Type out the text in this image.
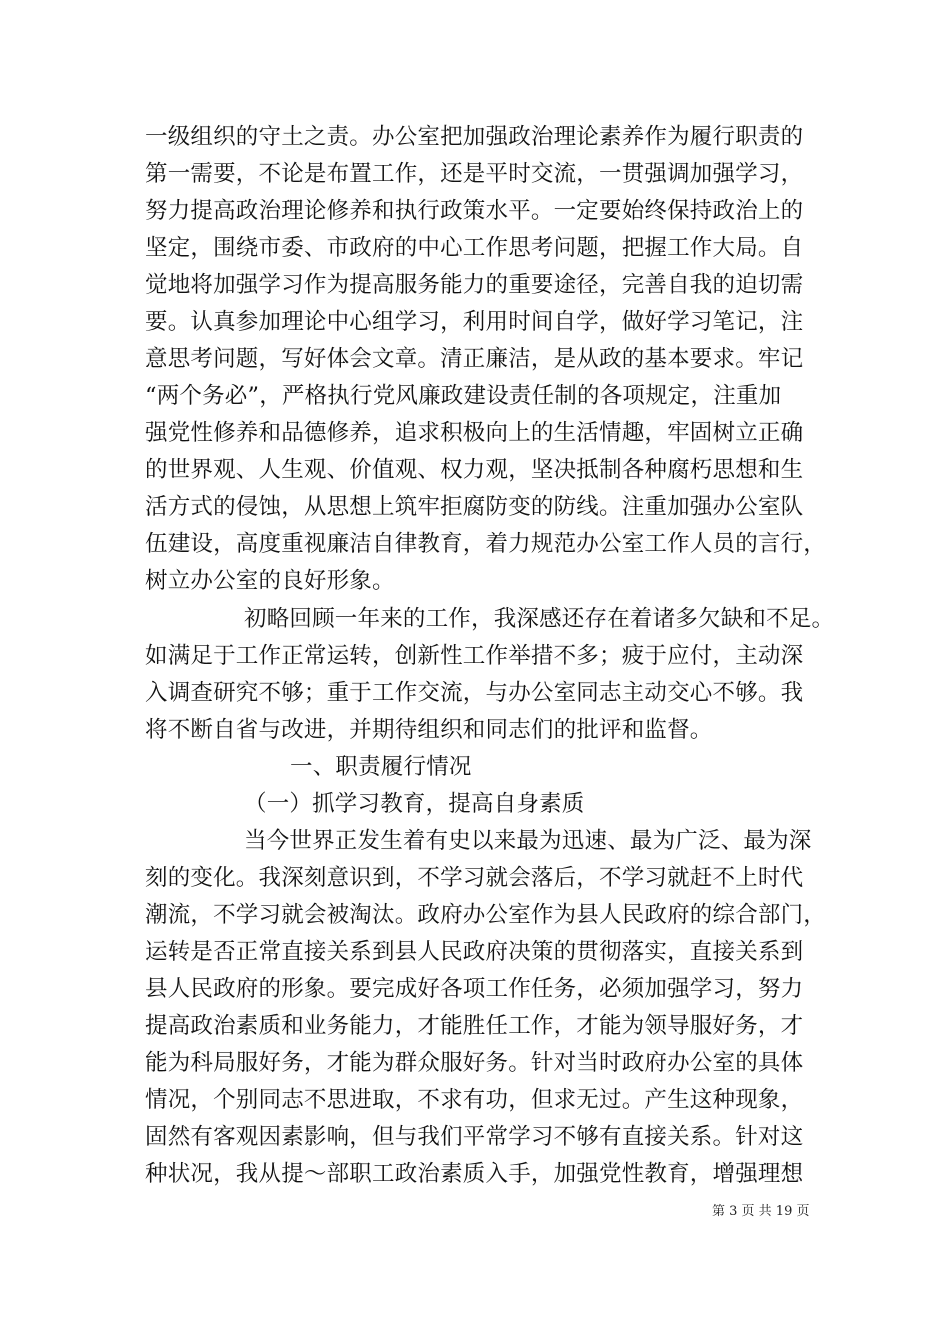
一级组织的守土之责。办公室把加强政治理论素养作为履行职责的
第一需要，不论是布置工作，还是平时交流，一贯强调加强学习，
努力提高政治理论修养和执行政策水平。一定要始终保持政治上的
坚定，围绕市委、市政府的中心工作思考问题，把握工作大局。自
觉地将加强学习作为提高服务能力的重要途径，完善自我的迫切需
要。认真参加理论中心组学习，利用时间自学，做好学习笔记，注
意思考问题，写好体会文章。清正廉洁，是从政的基本要求。牢记
“两个务必”，严格执行党风廉政建设责任制的各项规定，注重加
强党性修养和品德修养，追求积极向上的生活情趣，牢固树立正确
的世界观、人生观、价值观、权力观，坚决抵制各种腐朽思想和生
活方式的侵蚀，从思想上筑牢拒腐防变的防线。注重加强办公室队
伍建设，高度重视廉洁自律教育，着力规范办公室工作人员的言行，
树立办公室的良好形象。
初略回顾一年来的工作，我深感还存在着诸多欠缺和不足。
如满足于工作正常运转，创新性工作举措不多；疲于应付，主动深
入调查研究不够；重于工作交流，与办公室同志主动交心不够。我
将不断自省与改进，并期待组织和同志们的批评和监督。
一、职责履行情况
（一）抓学习教育，提高自身素质
当今世界正发生着有史以来最为迅速、最为广泛、最为深
刻的变化。我深刻意识到，不学习就会落后，不学习就赶不上时代
潮流，不学习就会被淘汰。政府办公室作为县人民政府的综合部门，
运转是否正常直接关系到县人民政府决策的贯彻落实，直接关系到
县人民政府的形象。要完成好各项工作任务，必须加强学习，努力
提高政治素质和业务能力，才能胜任工作，才能为领导服好务，才
能为科局服好务，才能为群众服好务。针对当时政府办公室的具体
情况，个别同志不思进取，不求有功，但求无过。产生这种现象，
固然有客观因素影响，但与我们平常学习不够有直接关系。针对这
种状况，我从提～部职工政治素质入手，加强党性教育，增强理想
第 3 页 共 19 页
